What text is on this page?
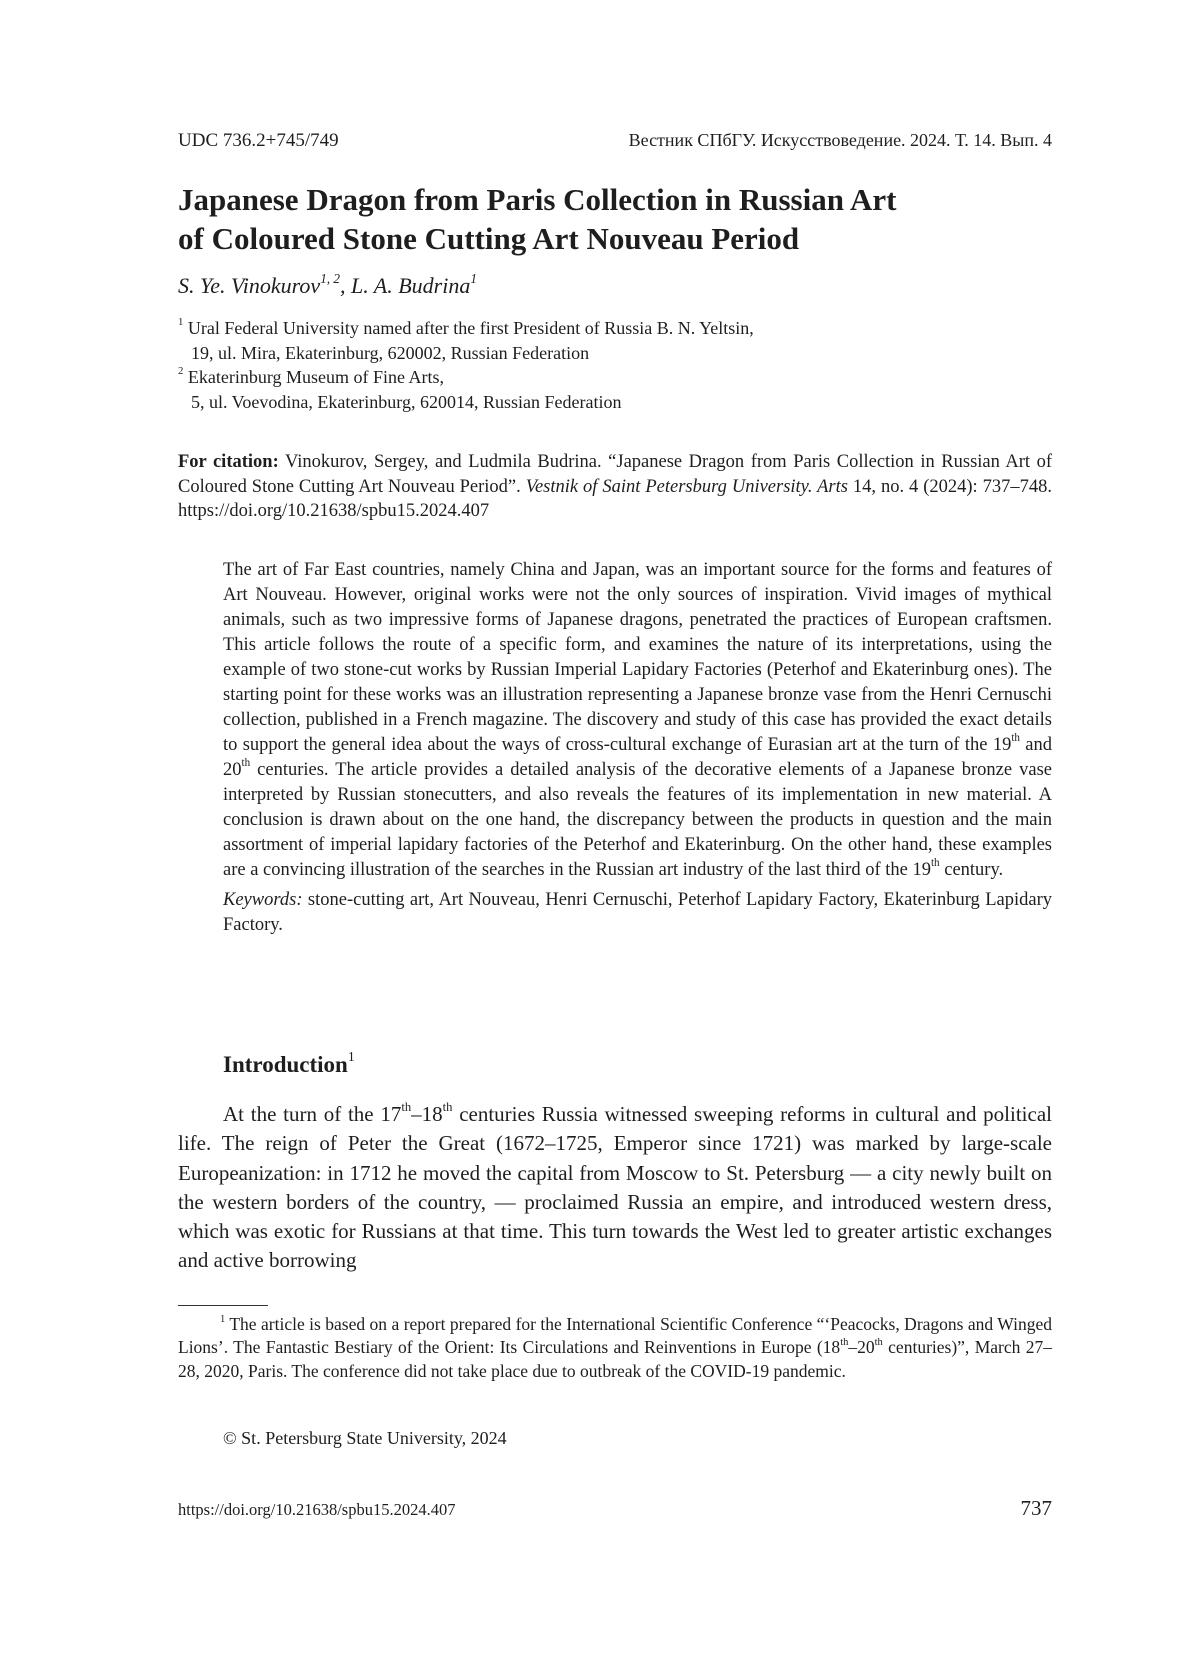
UDC 736.2+745/749	Вестник СПбГУ. Искусствоведение. 2024. Т. 14. Вып. 4
Japanese Dragon from Paris Collection in Russian Art
of Coloured Stone Cutting Art Nouveau Period
S. Ye. Vinokurov$^{1, 2}$, L. A. Budrina$^1$
$^1$ Ural Federal University named after the first President of Russia B. N. Yeltsin,
19, ul. Mira, Ekaterinburg, 620002, Russian Federation
$^2$ Ekaterinburg Museum of Fine Arts,
5, ul. Voevodina, Ekaterinburg, 620014, Russian Federation
For citation: Vinokurov, Sergey, and Ludmila Budrina. “Japanese Dragon from Paris Collection in Russian Art of Coloured Stone Cutting Art Nouveau Period”. Vestnik of Saint Petersburg University. Arts 14, no. 4 (2024): 737–748. https://doi.org/10.21638/spbu15.2024.407

The art of Far East countries, namely China and Japan, was an important source for the forms and features of Art Nouveau. However, original works were not the only sources of inspiration. Vivid images of mythical animals, such as two impressive forms of Japanese dragons, penetrated the practices of European craftsmen. This article follows the route of a specific form, and examines the nature of its interpretations, using the example of two stone-cut works by Russian Imperial Lapidary Factories (Peterhof and Ekaterinburg ones). The starting point for these works was an illustration representing a Japanese bronze vase from the Henri Cernuschi collection, published in a French magazine. The discovery and study of this case has provided the exact details to support the general idea about the ways of cross-cultural exchange of Eurasian art at the turn of the 19th and 20th centuries. The article provides a detailed analysis of the decorative elements of a Japanese bronze vase interpreted by Russian stonecutters, and also reveals the features of its implementation in new material. A conclusion is drawn about on the one hand, the discrepancy between the products in question and the main assortment of imperial lapidary factories of the Peterhof and Ekaterinburg. On the other hand, these examples are a convincing illustration of the searches in the Russian art industry of the last third of the 19th century.

Keywords: stone-cutting art, Art Nouveau, Henri Cernuschi, Peterhof Lapidary Factory, Ekaterinburg Lapidary Factory.

Introduction$^1$

At the turn of the 17th–18th centuries Russia witnessed sweeping reforms in cultural and political life. The reign of Peter the Great (1672–1725, Emperor since 1721) was marked by large-scale Europeanization: in 1712 he moved the capital from Moscow to St. Petersburg — a city newly built on the western borders of the country, — proclaimed Russia an empire, and introduced western dress, which was exotic for Russians at that time. This turn towards the West led to greater artistic exchanges and active borrowing

$^1$ The article is based on a report prepared for the International Scientific Conference “‘Peacocks, Dragons and Winged Lions’. The Fantastic Bestiary of the Orient: Its Circulations and Reinventions in Europe (18th–20th centuries)”, March 27–28, 2020, Paris. The conference did not take place due to outbreak of the COVID-19 pandemic.

© St. Petersburg State University, 2024
https://doi.org/10.21638/spbu15.2024.407	737
